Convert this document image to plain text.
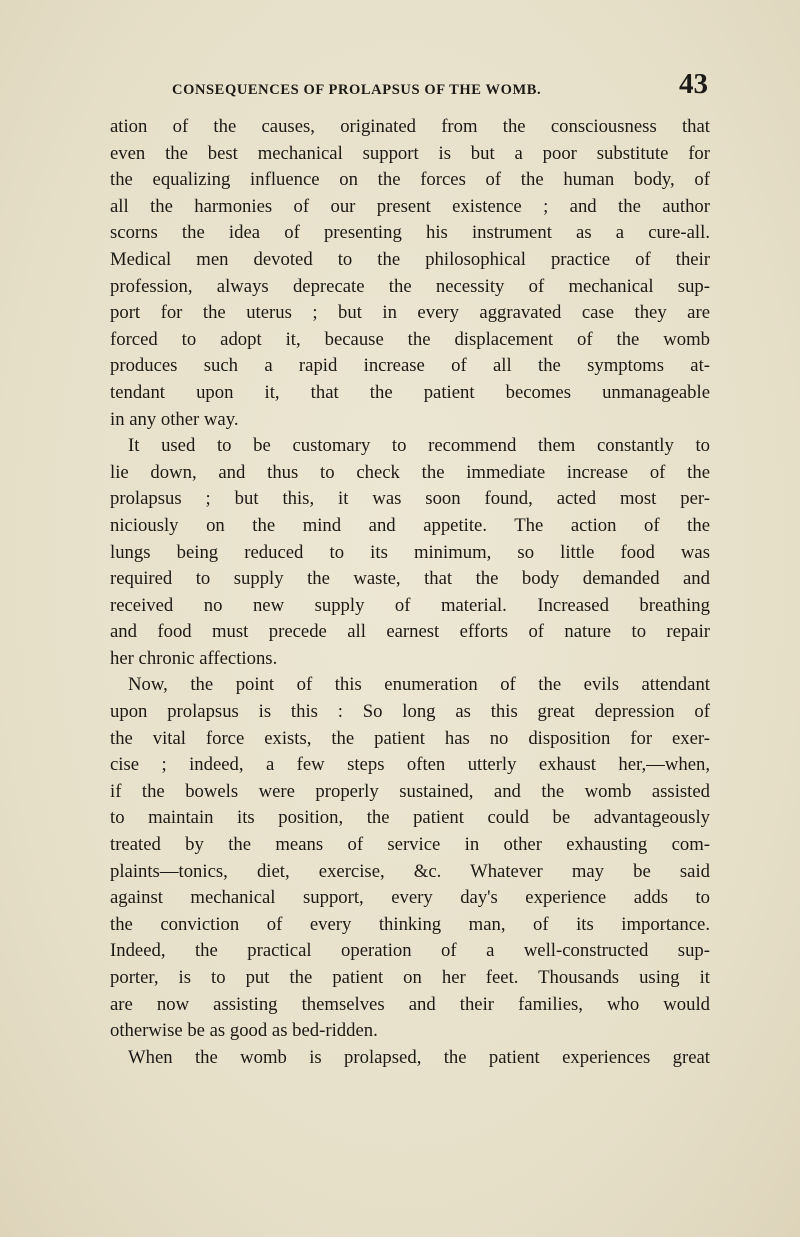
CONSEQUENCES OF PROLAPSUS OF THE WOMB.	43
ation of the causes, originated from the consciousness that
even the best mechanical support is but a poor substitute for
the equalizing influence on the forces of the human body, of
all the harmonies of our present existence ; and the author
scorns the idea of presenting his instrument as a cure-all.
Medical men devoted to the philosophical practice of their
profession, always deprecate the necessity of mechanical sup-
port for the uterus ; but in every aggravated case they are
forced to adopt it, because the displacement of the womb
produces such a rapid increase of all the symptoms at-
tendant upon it, that the patient becomes unmanageable
in any other way.
It used to be customary to recommend them constantly to
lie down, and thus to check the immediate increase of the
prolapsus ; but this, it was soon found, acted most per-
niciously on the mind and appetite. The action of the
lungs being reduced to its minimum, so little food was
required to supply the waste, that the body demanded and
received no new supply of material. Increased breathing
and food must precede all earnest efforts of nature to repair
her chronic affections.
Now, the point of this enumeration of the evils attendant
upon prolapsus is this : So long as this great depression of
the vital force exists, the patient has no disposition for exer-
cise ; indeed, a few steps often utterly exhaust her,—when,
if the bowels were properly sustained, and the womb assisted
to maintain its position, the patient could be advantageously
treated by the means of service in other exhausting com-
plaints—tonics, diet, exercise, &c. Whatever may be said
against mechanical support, every day's experience adds to
the conviction of every thinking man, of its importance.
Indeed, the practical operation of a well-constructed sup-
porter, is to put the patient on her feet. Thousands using it
are now assisting themselves and their families, who would
otherwise be as good as bed-ridden.
When the womb is prolapsed, the patient experiences great
